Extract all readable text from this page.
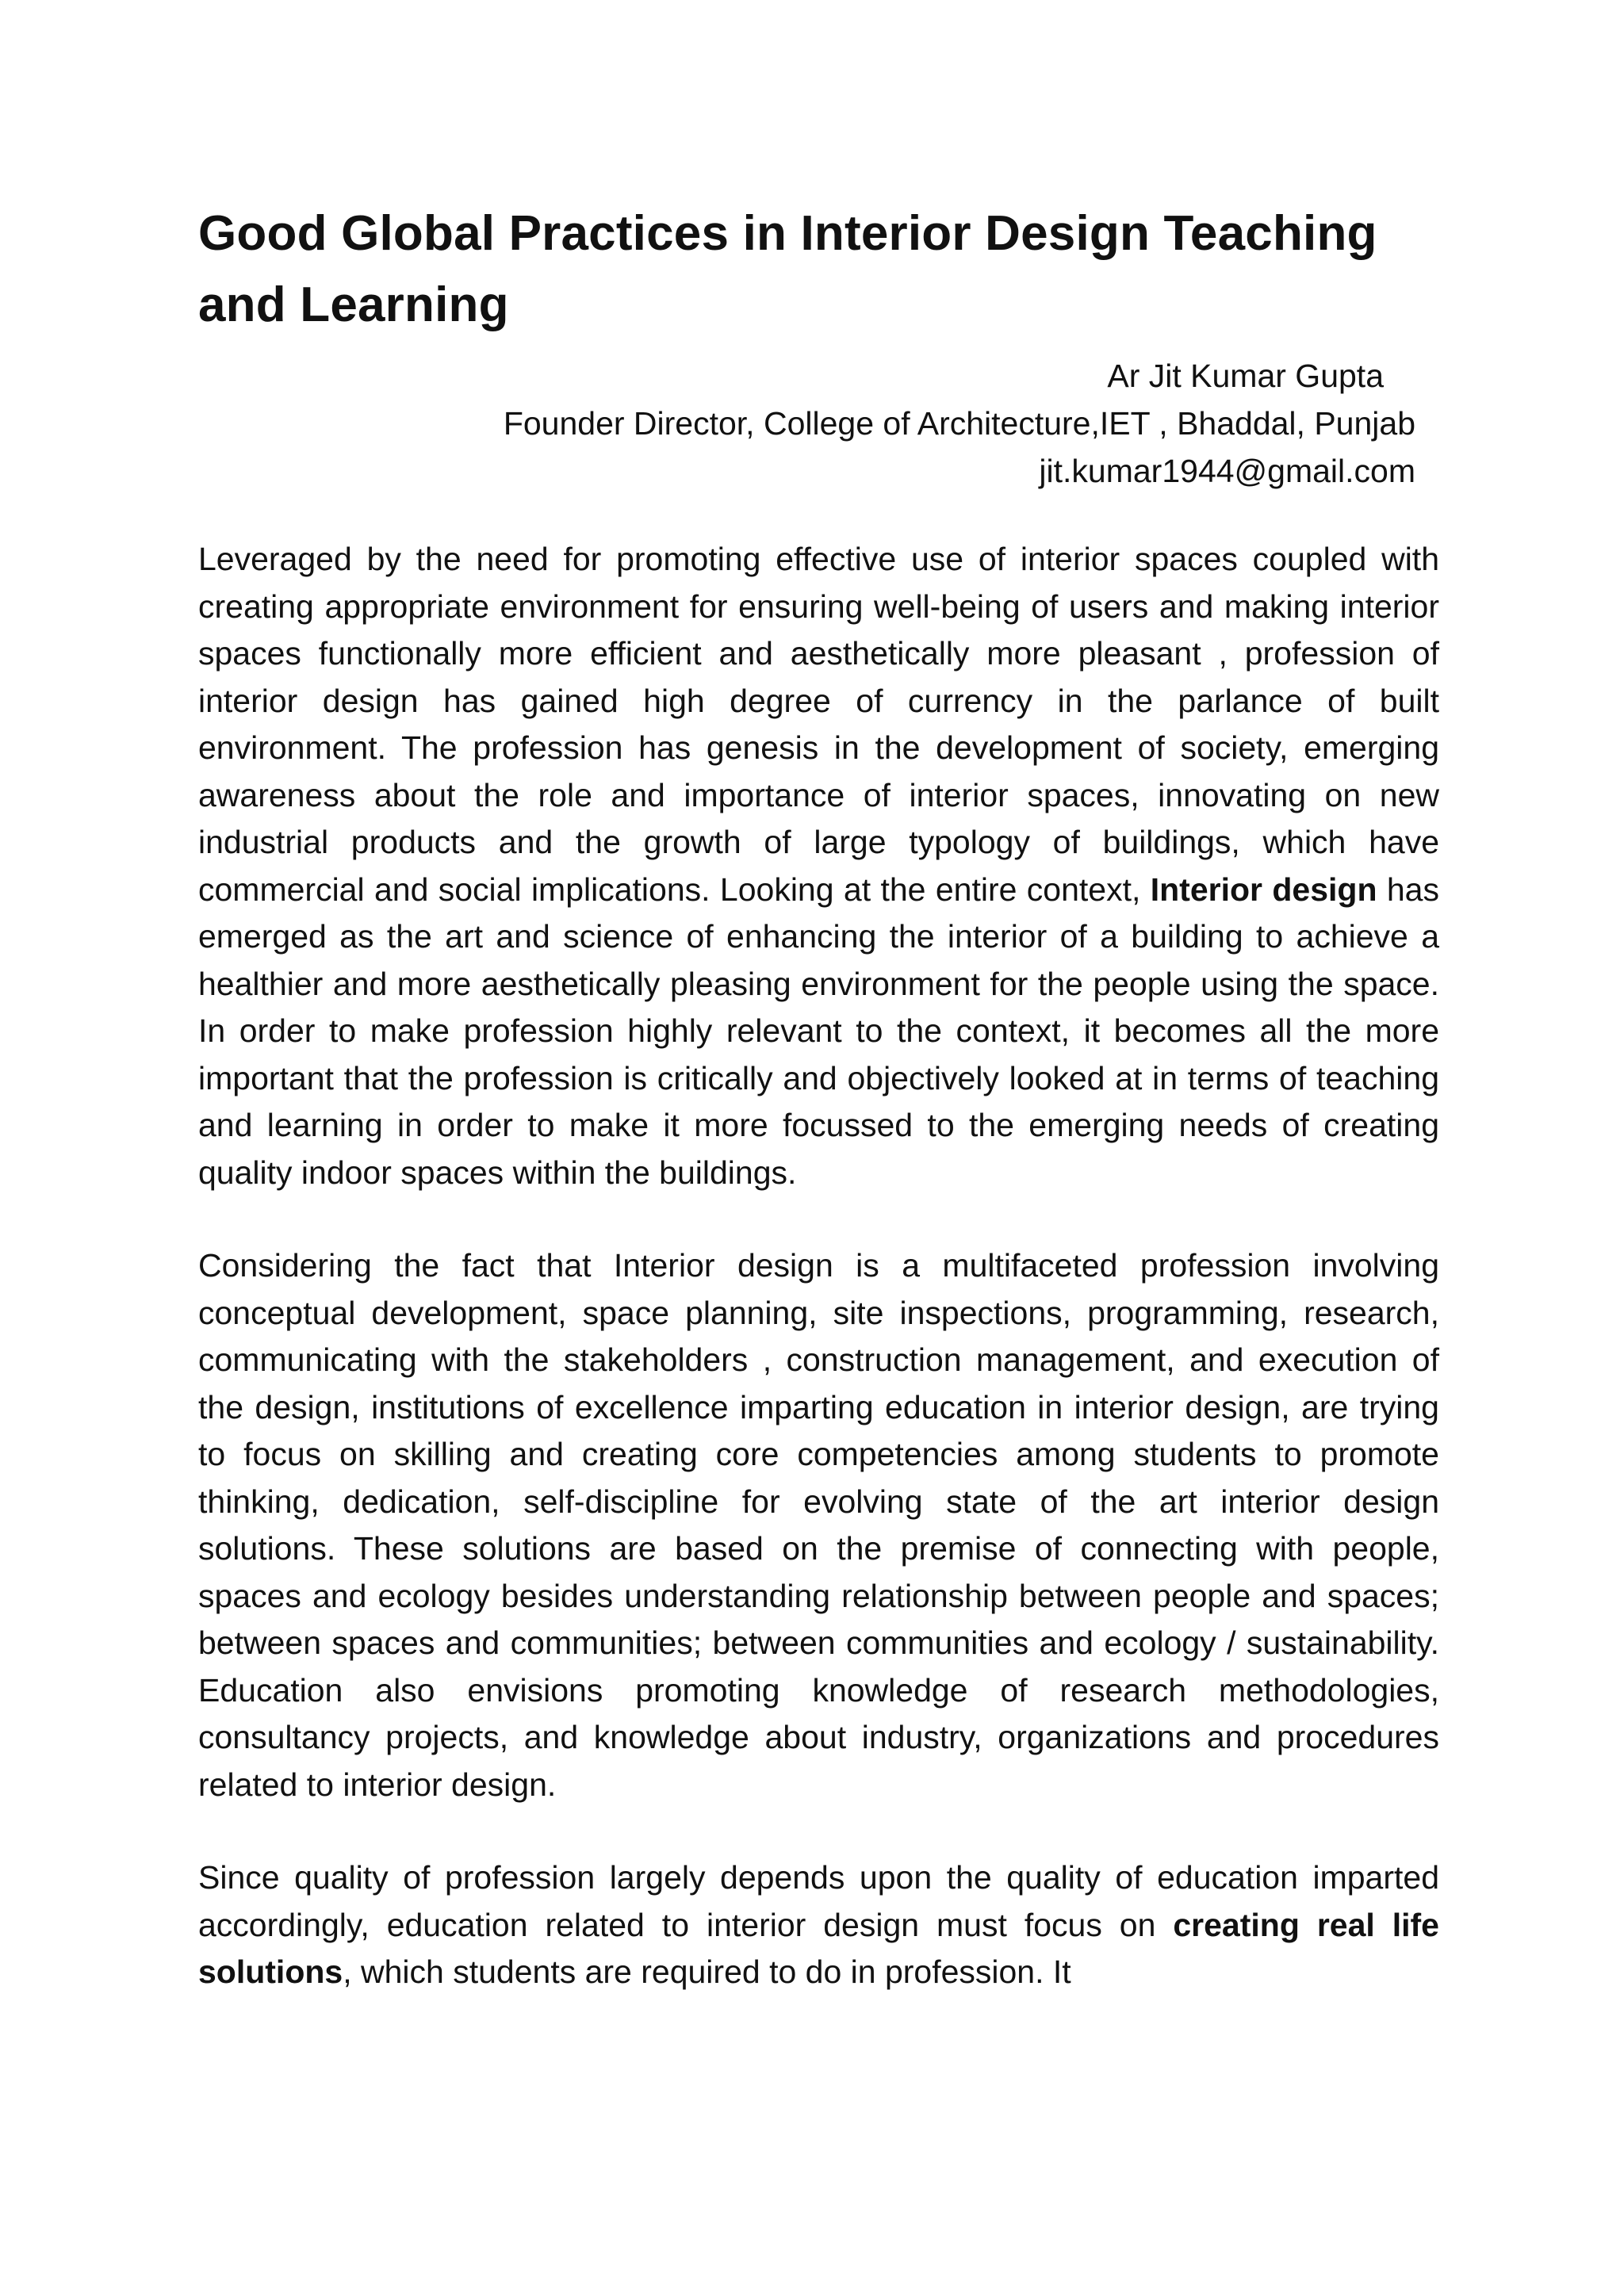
Good Global Practices in Interior Design Teaching and Learning
Ar Jit Kumar Gupta
Founder Director, College of Architecture,IET , Bhaddal, Punjab
jit.kumar1944@gmail.com

Leveraged by the need for promoting effective use of interior spaces coupled with creating appropriate environment for ensuring well-being of users and making interior spaces functionally more efficient and aesthetically more pleasant , profession of interior design has gained high degree of currency in the parlance of built environment. The profession has genesis in the development of society, emerging awareness about the role and importance of interior spaces, innovating on new industrial products and the growth of large typology of buildings, which have commercial and social implications. Looking at the entire context, Interior design has emerged as the art and science of enhancing the interior of a building to achieve a healthier and more aesthetically pleasing environment for the people using the space. In order to make profession highly relevant to the context, it becomes all the more important that the profession is critically and objectively looked at in terms of teaching and learning in order to make it more focussed to the emerging needs of creating quality indoor spaces within the buildings.

Considering the fact that Interior design is a multifaceted profession involving conceptual development, space planning, site inspections, programming, research, communicating with the stakeholders , construction management, and execution of the design, institutions of excellence imparting education in interior design, are trying to focus on skilling and creating core competencies among students to promote thinking, dedication, self-discipline for evolving state of the art interior design solutions. These solutions are based on the premise of connecting with people, spaces and ecology besides understanding relationship between people and spaces; between spaces and communities; between communities and ecology / sustainability. Education also envisions promoting knowledge of research methodologies, consultancy projects, and knowledge about industry, organizations and procedures related to interior design.

Since quality of profession largely depends upon the quality of education imparted accordingly, education related to interior design must focus on creating real life solutions, which students are required to do in profession. It
